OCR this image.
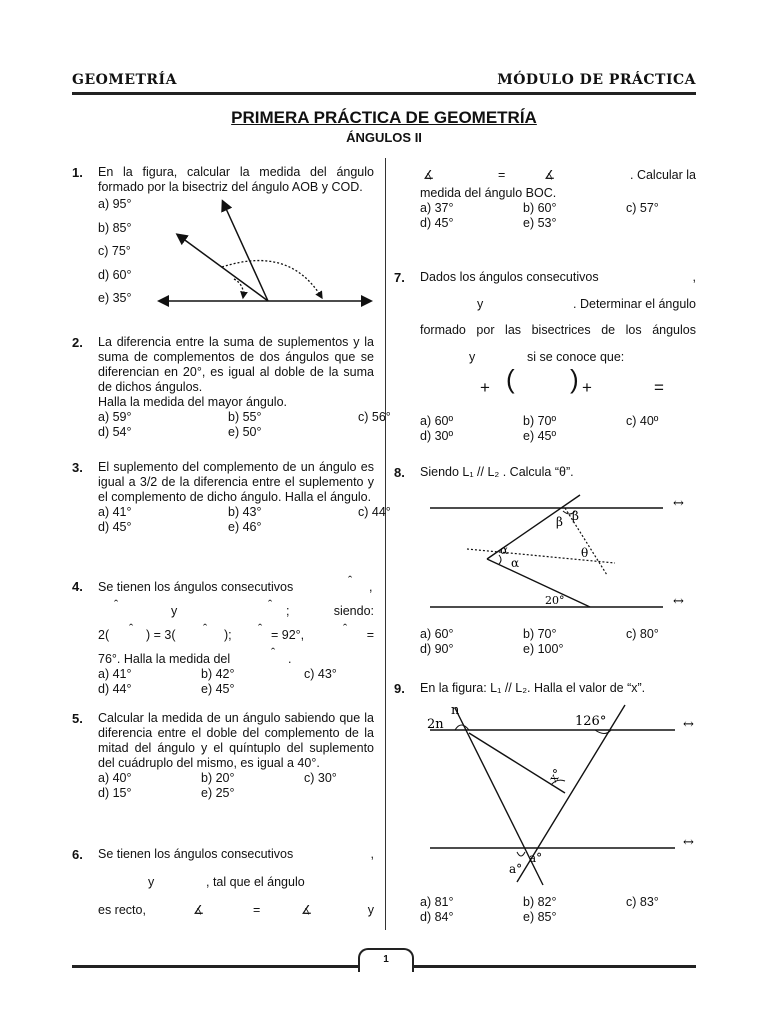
GEOMETRÍA	MÓDULO DE PRÁCTICA
PRIMERA PRÁCTICA DE GEOMETRÍA
ÁNGULOS II
1. En la figura, calcular la medida del ángulo formado por la bisectriz del ángulo AOB y COD.

a) 95°
b) 85°
c) 75°
d) 60°
e) 35°
2. La diferencia entre la suma de suplementos y la suma de complementos de dos ángulos que se diferencian en 20°, es igual al doble de la suma de dichos ángulos.

Halla la medida del mayor ángulo.

a) 59°	b) 55°	c) 56°
d) 54°	e) 50°
3. El suplemento del complemento de un ángulo es igual a 3/2 de la diferencia entre el suplemento y el complemento de dicho ángulo. Halla el ángulo.

a) 41°	b) 43°	c) 44°
d) 45°	e) 46°
4. Se tienen los ángulos consecutivos	ˆ ,
ˆ	y	ˆ ;	siendo:
2( ˆ ) = 3( ˆ ); ˆ = 92°,	ˆ =
76°. Halla la medida del	ˆ .
a) 41°	b) 42°	c) 43°
d) 44°	e) 45°
5. Calcular la medida de un ángulo sabiendo que la diferencia entre el doble del complemento de la mitad del ángulo y el quíntuplo del suplemento del cuádruplo del mismo, es igual a 40°.

a) 40°	b) 20°	c) 30°
d) 15°	e) 25°
6. Se tienen los ángulos consecutivos	,
y	, tal que el ángulo
es recto,	∡	=	∡	y
∡	=	∡	. Calcular la

medida del ángulo BOC.

a) 37°	b) 60°	c) 57°
d) 45°	e) 53°
7. Dados los ángulos consecutivos	,
y	. Determinar el ángulo

formado por las bisectrices de los ángulos

y	si se conoce que:
+ ( ) +	=
a) 60º	b) 70º	c) 40º
d) 30º	e) 45º
8. Siendo L₁ // L₂ . Calcula “θ”.

↔
↔
β β
α
α
θ
20°
a) 60°	b) 70°	c) 80°
d) 90°	e) 100°
9. En la figura: L₁ // L₂. Halla el valor de “x”.

↔
↔
n
2n	126°
x°
a°
a°
a) 81°	b) 82°	c) 83°
d) 84°	e) 85°
1
